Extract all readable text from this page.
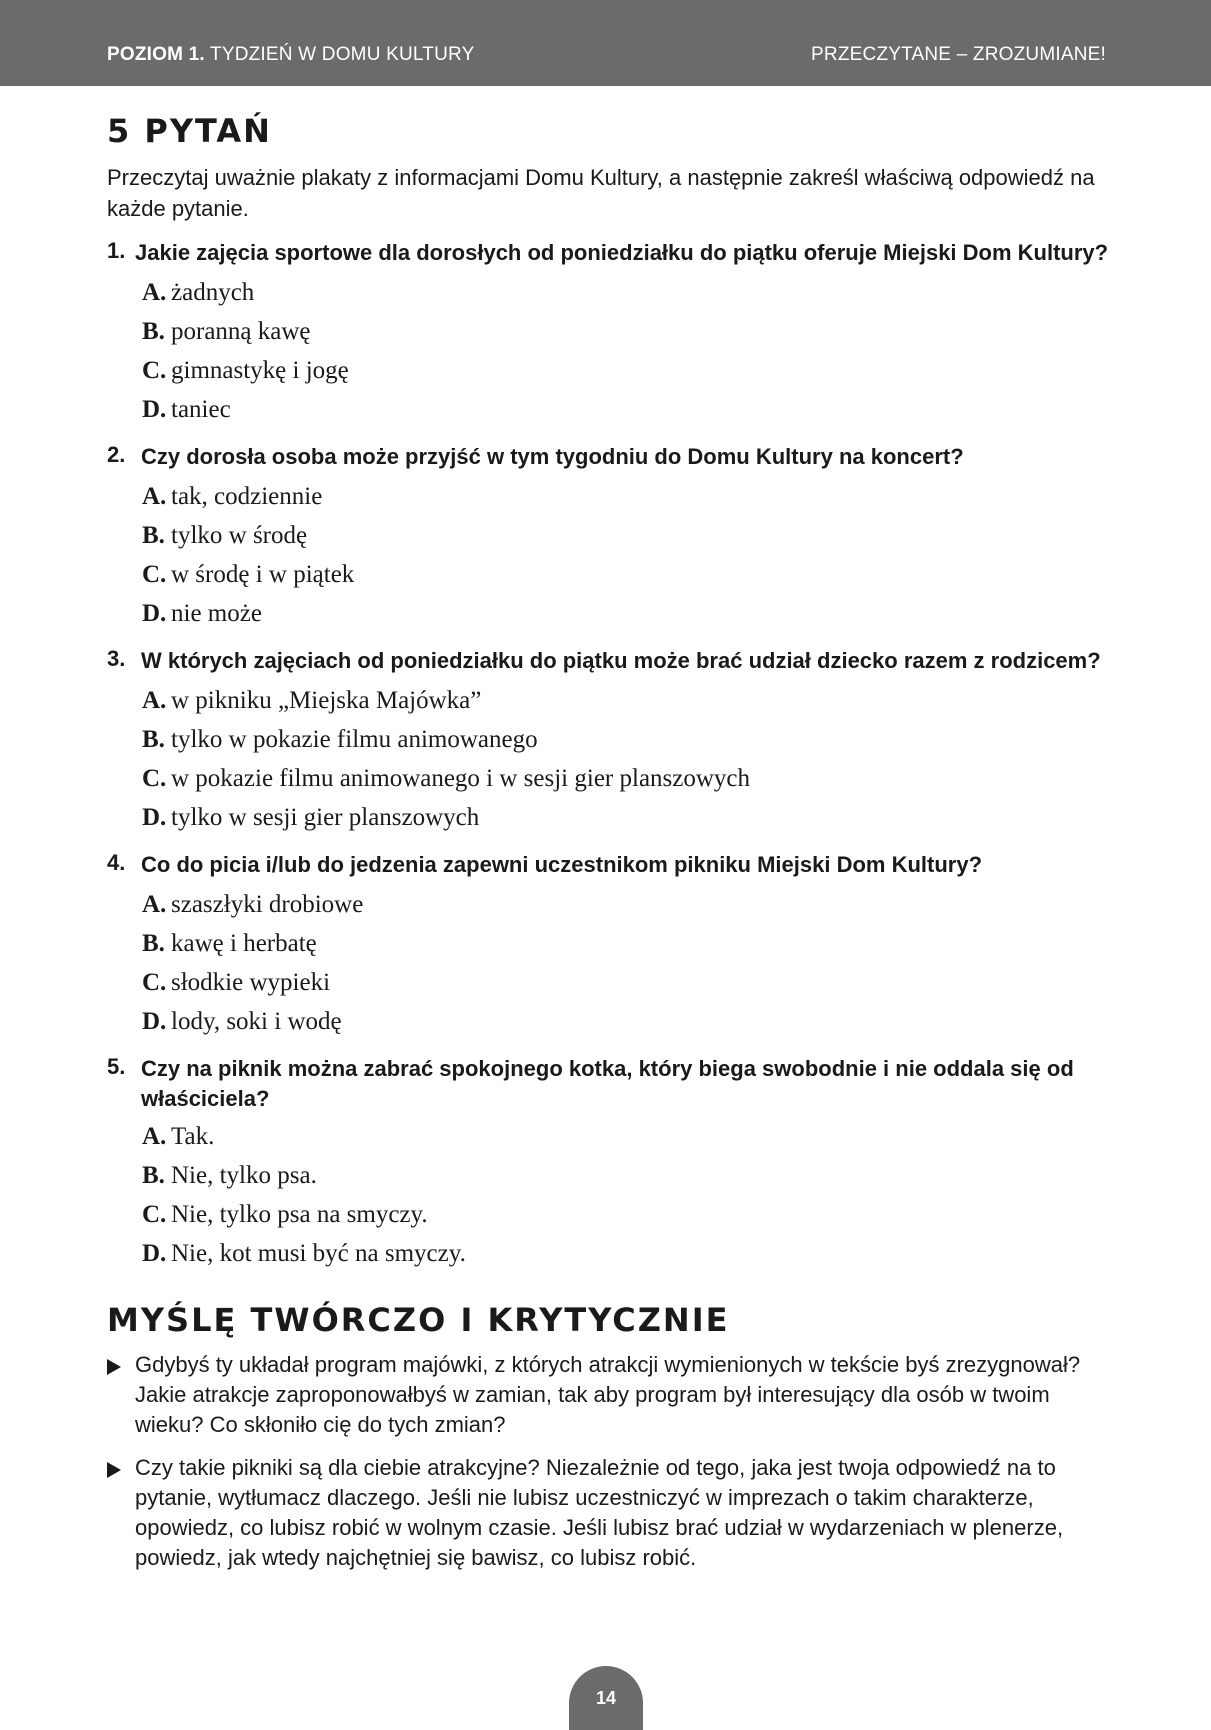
POZIOM 1. TYDZIEŃ W DOMU KULTURY	PRZECZYTANE – ZROZUMIANE!
5 PYTAŃ
Przeczytaj uważnie plakaty z informacjami Domu Kultury, a następnie zakreśl właściwą odpowiedź na każde pytanie.
1. Jakie zajęcia sportowe dla dorosłych od poniedziałku do piątku oferuje Miejski Dom Kultury?
A. żadnych
B. poranną kawę
C. gimnastykę i jogę
D. taniec
2. Czy dorosła osoba może przyjść w tym tygodniu do Domu Kultury na koncert?
A. tak, codziennie
B. tylko w środę
C. w środę i w piątek
D. nie może
3. W których zajęciach od poniedziałku do piątku może brać udział dziecko razem z rodzicem?
A. w pikniku „Miejska Majówka”
B. tylko w pokazie filmu animowanego
C. w pokazie filmu animowanego i w sesji gier planszowych
D. tylko w sesji gier planszowych
4. Co do picia i/lub do jedzenia zapewni uczestnikom pikniku Miejski Dom Kultury?
A. szaszłyki drobiowe
B. kawę i herbatę
C. słodkie wypieki
D. lody, soki i wodę
5. Czy na piknik można zabrać spokojnego kotka, który biega swobodnie i nie oddala się od właściciela?
A. Tak.
B. Nie, tylko psa.
C. Nie, tylko psa na smyczy.
D. Nie, kot musi być na smyczy.
MYŚLĘ TWÓRCZO I KRYTYCZNIE
Gdybyś ty układał program majówki, z których atrakcji wymienionych w tekście byś zrezygnował? Jakie atrakcje zaproponowałbyś w zamian, tak aby program był interesujący dla osób w twoim wieku? Co skłoniło cię do tych zmian?
Czy takie pikniki są dla ciebie atrakcyjne? Niezależnie od tego, jaka jest twoja odpowiedź na to pytanie, wytłumacz dlaczego. Jeśli nie lubisz uczestniczyć w imprezach o takim charakterze, opowiedz, co lubisz robić w wolnym czasie. Jeśli lubisz brać udział w wydarzeniach w plenerze, powiedz, jak wtedy najchętniej się bawisz, co lubisz robić.
14
